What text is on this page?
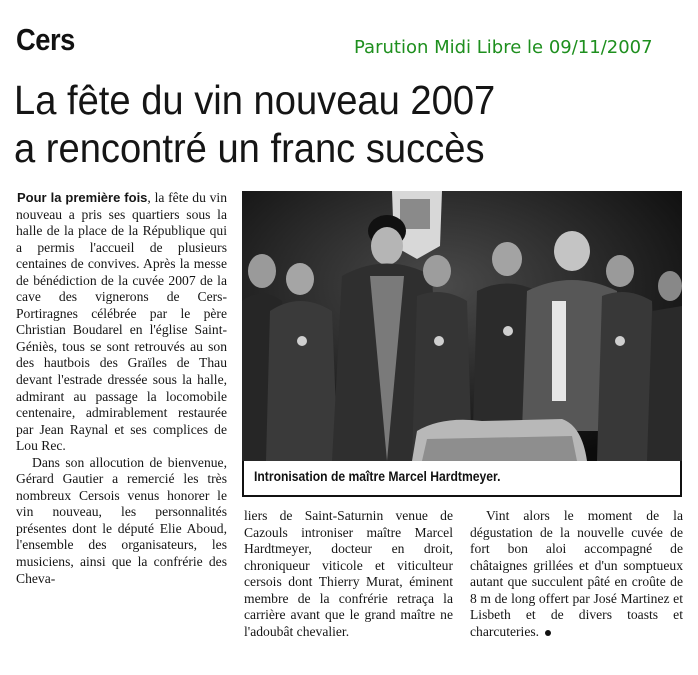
Cers	Parution Midi Libre le 09/11/2007
La fête du vin nouveau 2007
a rencontré un franc succès

Pour la première fois, la fête du vin nouveau a pris ses quartiers sous la halle de la place de la République qui a permis l'accueil de plusieurs centaines de convives. Après la messe de bénédiction de la cuvée 2007 de la cave des vignerons de Cers-Portiragnes célébrée par le père Christian Boudarel en l'église Saint-Géniès, tous se sont retrouvés au son des hautbois des Graïles de Thau devant l'estrade dressée sous la halle, admirant au passage la locomobile centenaire, admirablement restaurée par Jean Raynal et ses complices de Lou Rec.

Dans son allocution de bienvenue, Gérard Gautier a remercié les très nombreux Cersois venus honorer le vin nouveau, les personnalités présentes dont le député Elie Aboud, l'ensemble des organisateurs, les musiciens, ainsi que la confrérie des Cheva-

Intronisation de maître Marcel Hardtmeyer.

liers de Saint-Saturnin venue de Cazouls introniser maître Marcel Hardtmeyer, docteur en droit, chroniqueur viticole et viticulteur cersois dont Thierry Murat, éminent membre de la confrérie retraça la carrière avant que le grand maître ne l'adoubât chevalier.

Vint alors le moment de la dégustation de la nouvelle cuvée de fort bon aloi accompagné de châtaignes grillées et d'un somptueux autant que succulent pâté en croûte de 8 m de long offert par José Martinez et Lisbeth et de divers toasts et charcuteries.
